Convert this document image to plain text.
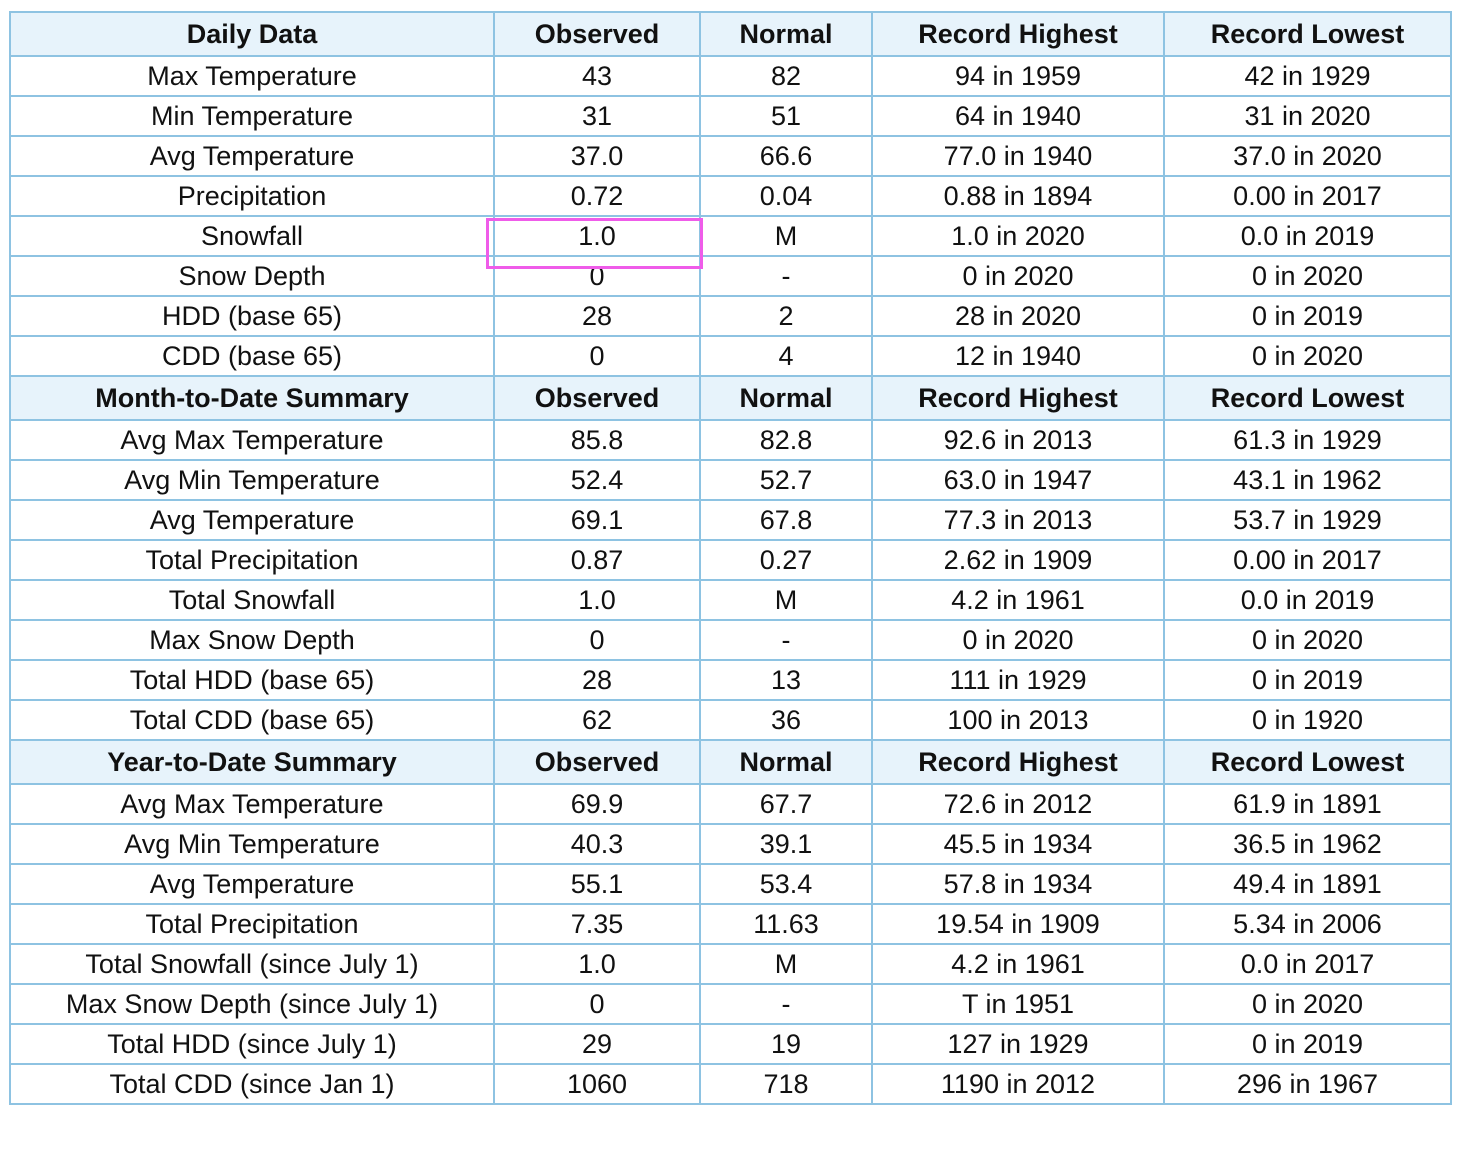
Daily Data	Observed	Normal	Record Highest	Record Lowest
Max Temperature	43	82	94 in 1959	42 in 1929
Min Temperature	31	51	64 in 1940	31 in 2020
Avg Temperature	37.0	66.6	77.0 in 1940	37.0 in 2020
Precipitation	0.72	0.04	0.88 in 1894	0.00 in 2017
Snowfall	1.0	M	1.0 in 2020	0.0 in 2019
Snow Depth	0	-	0 in 2020	0 in 2020
HDD (base 65)	28	2	28 in 2020	0 in 2019
CDD (base 65)	0	4	12 in 1940	0 in 2020
Month-to-Date Summary	Observed	Normal	Record Highest	Record Lowest
Avg Max Temperature	85.8	82.8	92.6 in 2013	61.3 in 1929
Avg Min Temperature	52.4	52.7	63.0 in 1947	43.1 in 1962
Avg Temperature	69.1	67.8	77.3 in 2013	53.7 in 1929
Total Precipitation	0.87	0.27	2.62 in 1909	0.00 in 2017
Total Snowfall	1.0	M	4.2 in 1961	0.0 in 2019
Max Snow Depth	0	-	0 in 2020	0 in 2020
Total HDD (base 65)	28	13	111 in 1929	0 in 2019
Total CDD (base 65)	62	36	100 in 2013	0 in 1920
Year-to-Date Summary	Observed	Normal	Record Highest	Record Lowest
Avg Max Temperature	69.9	67.7	72.6 in 2012	61.9 in 1891
Avg Min Temperature	40.3	39.1	45.5 in 1934	36.5 in 1962
Avg Temperature	55.1	53.4	57.8 in 1934	49.4 in 1891
Total Precipitation	7.35	11.63	19.54 in 1909	5.34 in 2006
Total Snowfall (since July 1)	1.0	M	4.2 in 1961	0.0 in 2017
Max Snow Depth (since July 1)	0	-	T in 1951	0 in 2020
Total HDD (since July 1)	29	19	127 in 1929	0 in 2019
Total CDD (since Jan 1)	1060	718	1190 in 2012	296 in 1967
